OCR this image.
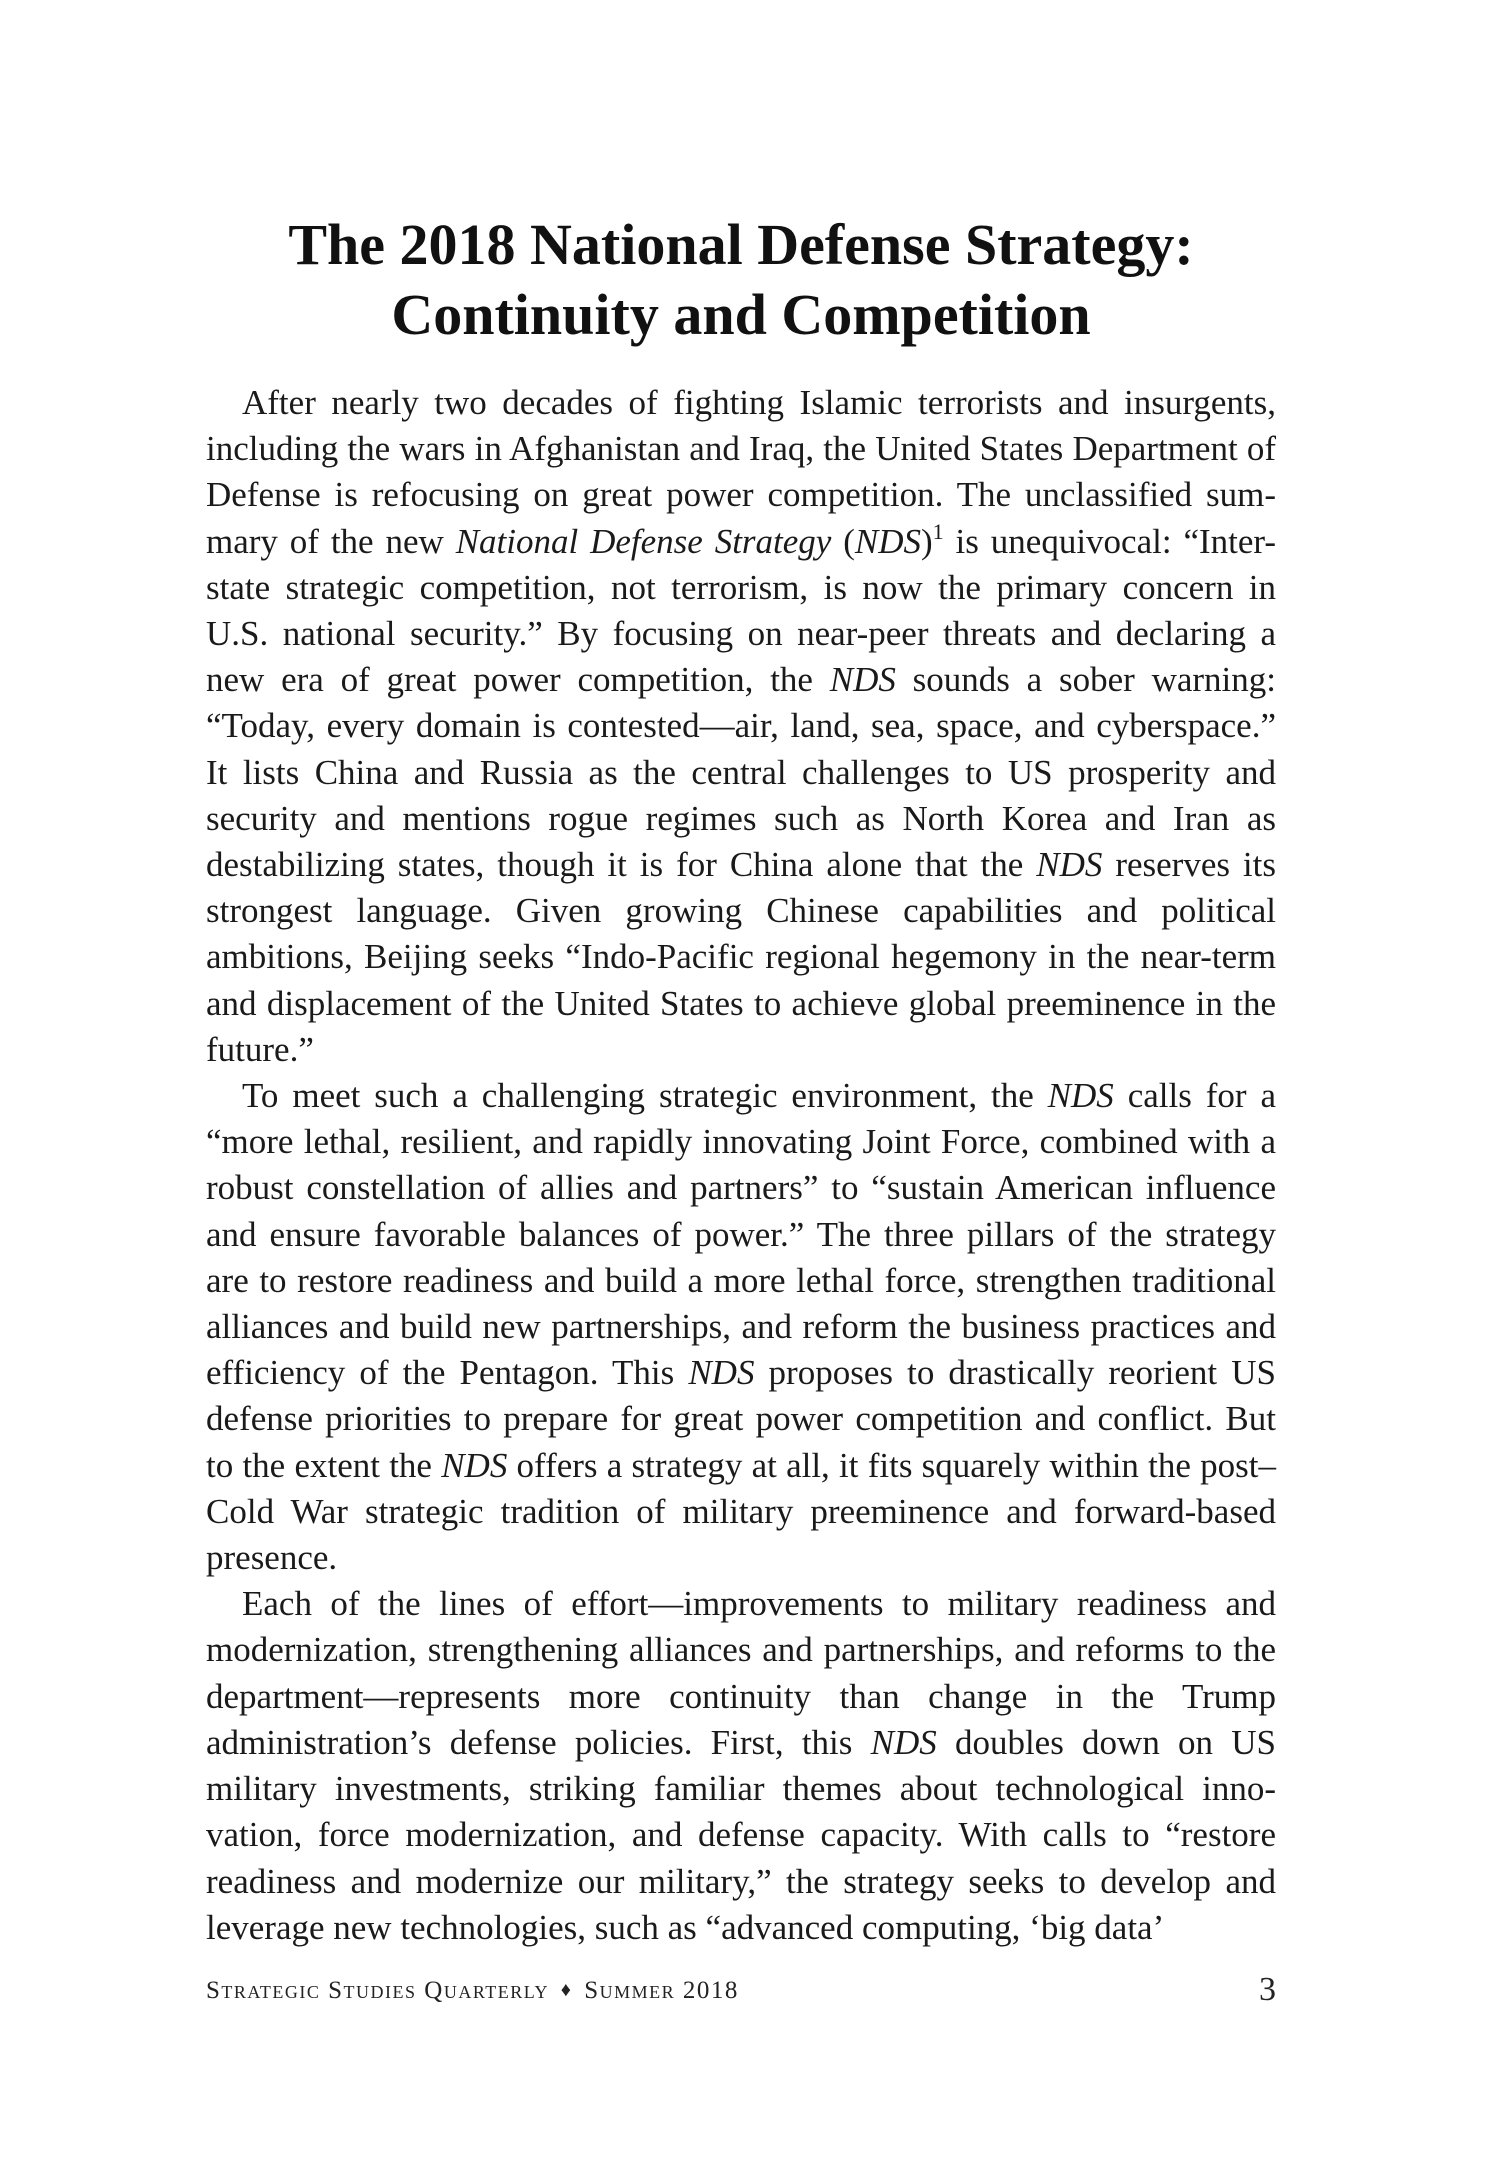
The 2018 National Defense Strategy:
Continuity and Competition

After nearly two decades of fighting Islamic terrorists and insurgents, including the wars in Afghanistan and Iraq, the United States Department of Defense is refocusing on great power competition. The unclassified summary of the new National Defense Strategy (NDS)$^1$ is unequivocal: “Inter-state strategic competition, not terrorism, is now the primary concern in U.S. national security.” By focusing on near-peer threats and declaring a new era of great power competition, the NDS sounds a sober warning: “Today, every domain is contested—air, land, sea, space, and cyberspace.” It lists China and Russia as the central challenges to US prosperity and security and mentions rogue regimes such as North Korea and Iran as destabilizing states, though it is for China alone that the NDS reserves its strongest language. Given growing Chinese capabilities and political ambitions, Beijing seeks “Indo-Pacific regional hegemony in the near-term and displacement of the United States to achieve global preeminence in the future.”

To meet such a challenging strategic environment, the NDS calls for a “more lethal, resilient, and rapidly innovating Joint Force, combined with a robust constellation of allies and partners” to “sustain American influence and ensure favorable balances of power.” The three pillars of the strategy are to restore readiness and build a more lethal force, strengthen traditional alliances and build new partnerships, and reform the business practices and efficiency of the Pentagon. This NDS proposes to drastically reorient US defense priorities to prepare for great power competition and conflict. But to the extent the NDS offers a strategy at all, it fits squarely within the post–Cold War strategic tradition of military preeminence and forward-based presence.

Each of the lines of effort—improvements to military readiness and modernization, strengthening alliances and partnerships, and reforms to the department—represents more continuity than change in the Trump administration’s defense policies. First, this NDS doubles down on US military investments, striking familiar themes about technological innovation, force modernization, and defense capacity. With calls to “restore readiness and modernize our military,” the strategy seeks to develop and leverage new technologies, such as “advanced computing, ‘big data’

Strategic Studies Quarterly ♦ Summer 2018	3
